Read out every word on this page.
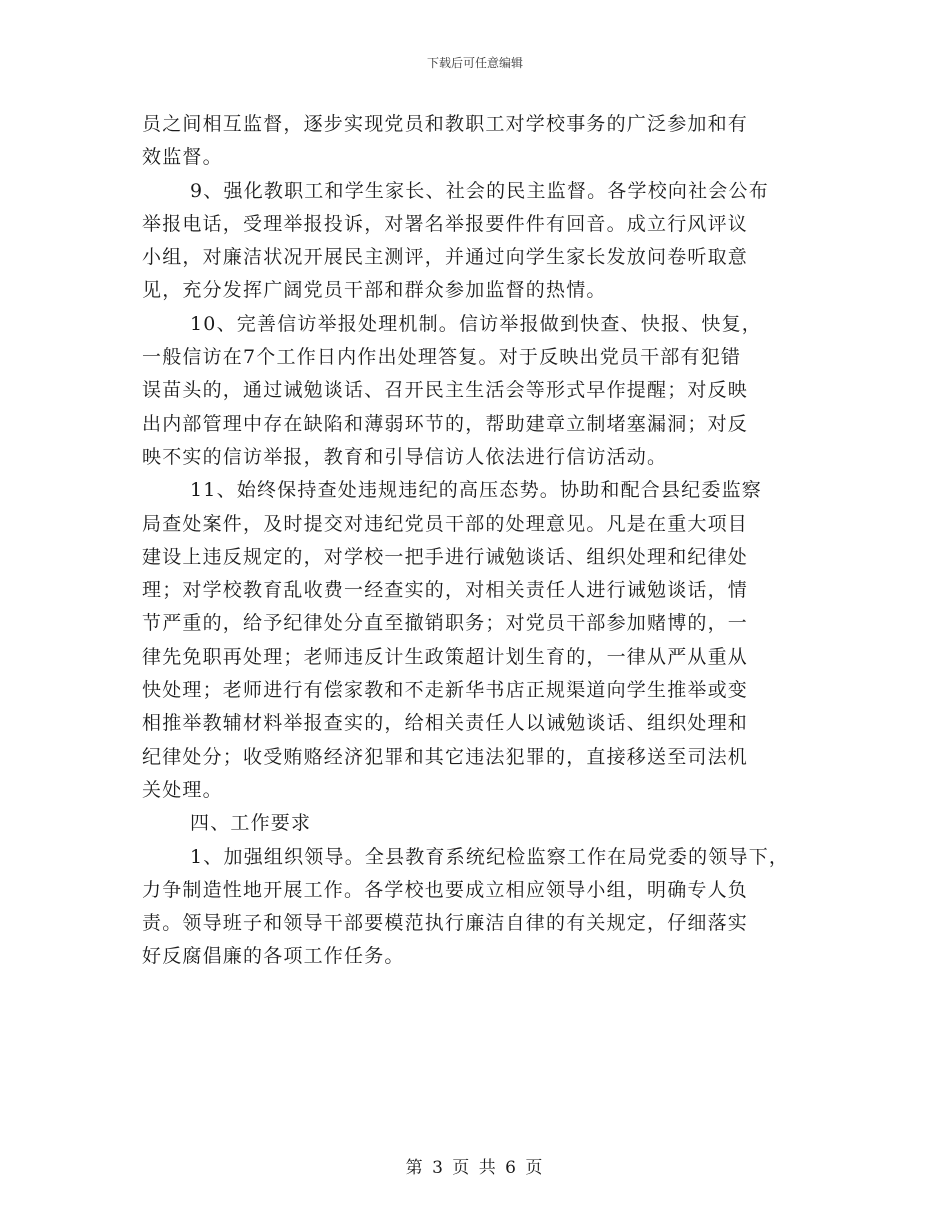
下载后可任意编辑
员之间相互监督，逐步实现党员和教职工对学校事务的广泛参加和有
效监督。
9、强化教职工和学生家长、社会的民主监督。各学校向社会公布
举报电话，受理举报投诉，对署名举报要件件有回音。成立行风评议
小组，对廉洁状况开展民主测评，并通过向学生家长发放问卷听取意
见，充分发挥广阔党员干部和群众参加监督的热情。
10、完善信访举报处理机制。信访举报做到快查、快报、快复，
一般信访在7个工作日内作出处理答复。对于反映出党员干部有犯错
误苗头的，通过诫勉谈话、召开民主生活会等形式早作提醒；对反映
出内部管理中存在缺陷和薄弱环节的，帮助建章立制堵塞漏洞；对反
映不实的信访举报，教育和引导信访人依法进行信访活动。
11、始终保持查处违规违纪的高压态势。协助和配合县纪委监察
局查处案件，及时提交对违纪党员干部的处理意见。凡是在重大项目
建设上违反规定的，对学校一把手进行诫勉谈话、组织处理和纪律处
理；对学校教育乱收费一经查实的，对相关责任人进行诫勉谈话，情
节严重的，给予纪律处分直至撤销职务；对党员干部参加赌博的，一
律先免职再处理；老师违反计生政策超计划生育的，一律从严从重从
快处理；老师进行有偿家教和不走新华书店正规渠道向学生推举或变
相推举教辅材料举报查实的，给相关责任人以诫勉谈话、组织处理和
纪律处分；收受贿赂经济犯罪和其它违法犯罪的，直接移送至司法机
关处理。
四、工作要求
1、加强组织领导。全县教育系统纪检监察工作在局党委的领导下，
力争制造性地开展工作。各学校也要成立相应领导小组，明确专人负
责。领导班子和领导干部要模范执行廉洁自律的有关规定，仔细落实
好反腐倡廉的各项工作任务。
第 3 页 共 6 页
